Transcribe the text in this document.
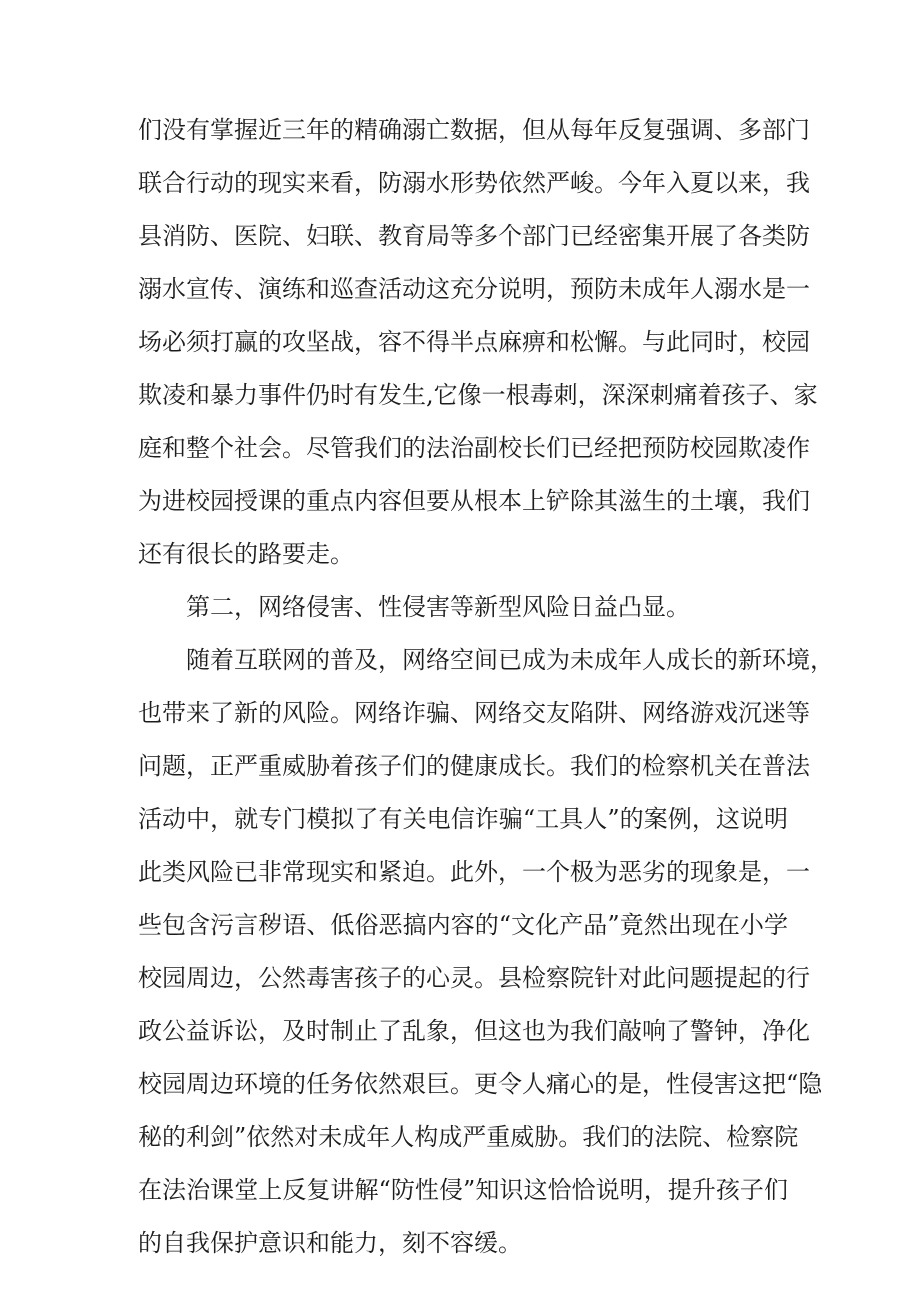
们没有掌握近三年的精确溺亡数据，但从每年反复强调、多部门
联合行动的现实来看，防溺水形势依然严峻。今年入夏以来，我
县消防、医院、妇联、教育局等多个部门已经密集开展了各类防
溺水宣传、演练和巡查活动这充分说明，预防未成年人溺水是一
场必须打赢的攻坚战，容不得半点麻痹和松懈。与此同时，校园
欺凌和暴力事件仍时有发生,它像一根毒刺，深深刺痛着孩子、家
庭和整个社会。尽管我们的法治副校长们已经把预防校园欺凌作
为进校园授课的重点内容但要从根本上铲除其滋生的土壤，我们
还有很长的路要走。
第二，网络侵害、性侵害等新型风险日益凸显。
随着互联网的普及，网络空间已成为未成年人成长的新环境，
也带来了新的风险。网络诈骗、网络交友陷阱、网络游戏沉迷等
问题，正严重威胁着孩子们的健康成长。我们的检察机关在普法
活动中，就专门模拟了有关电信诈骗“工具人”的案例，这说明
此类风险已非常现实和紧迫。此外，一个极为恶劣的现象是，一
些包含污言秽语、低俗恶搞内容的“文化产品”竟然出现在小学
校园周边，公然毒害孩子的心灵。县检察院针对此问题提起的行
政公益诉讼，及时制止了乱象，但这也为我们敲响了警钟，净化
校园周边环境的任务依然艰巨。更令人痛心的是，性侵害这把“隐
秘的利剑”依然对未成年人构成严重威胁。我们的法院、检察院
在法治课堂上反复讲解“防性侵”知识这恰恰说明，提升孩子们
的自我保护意识和能力，刻不容缓。
